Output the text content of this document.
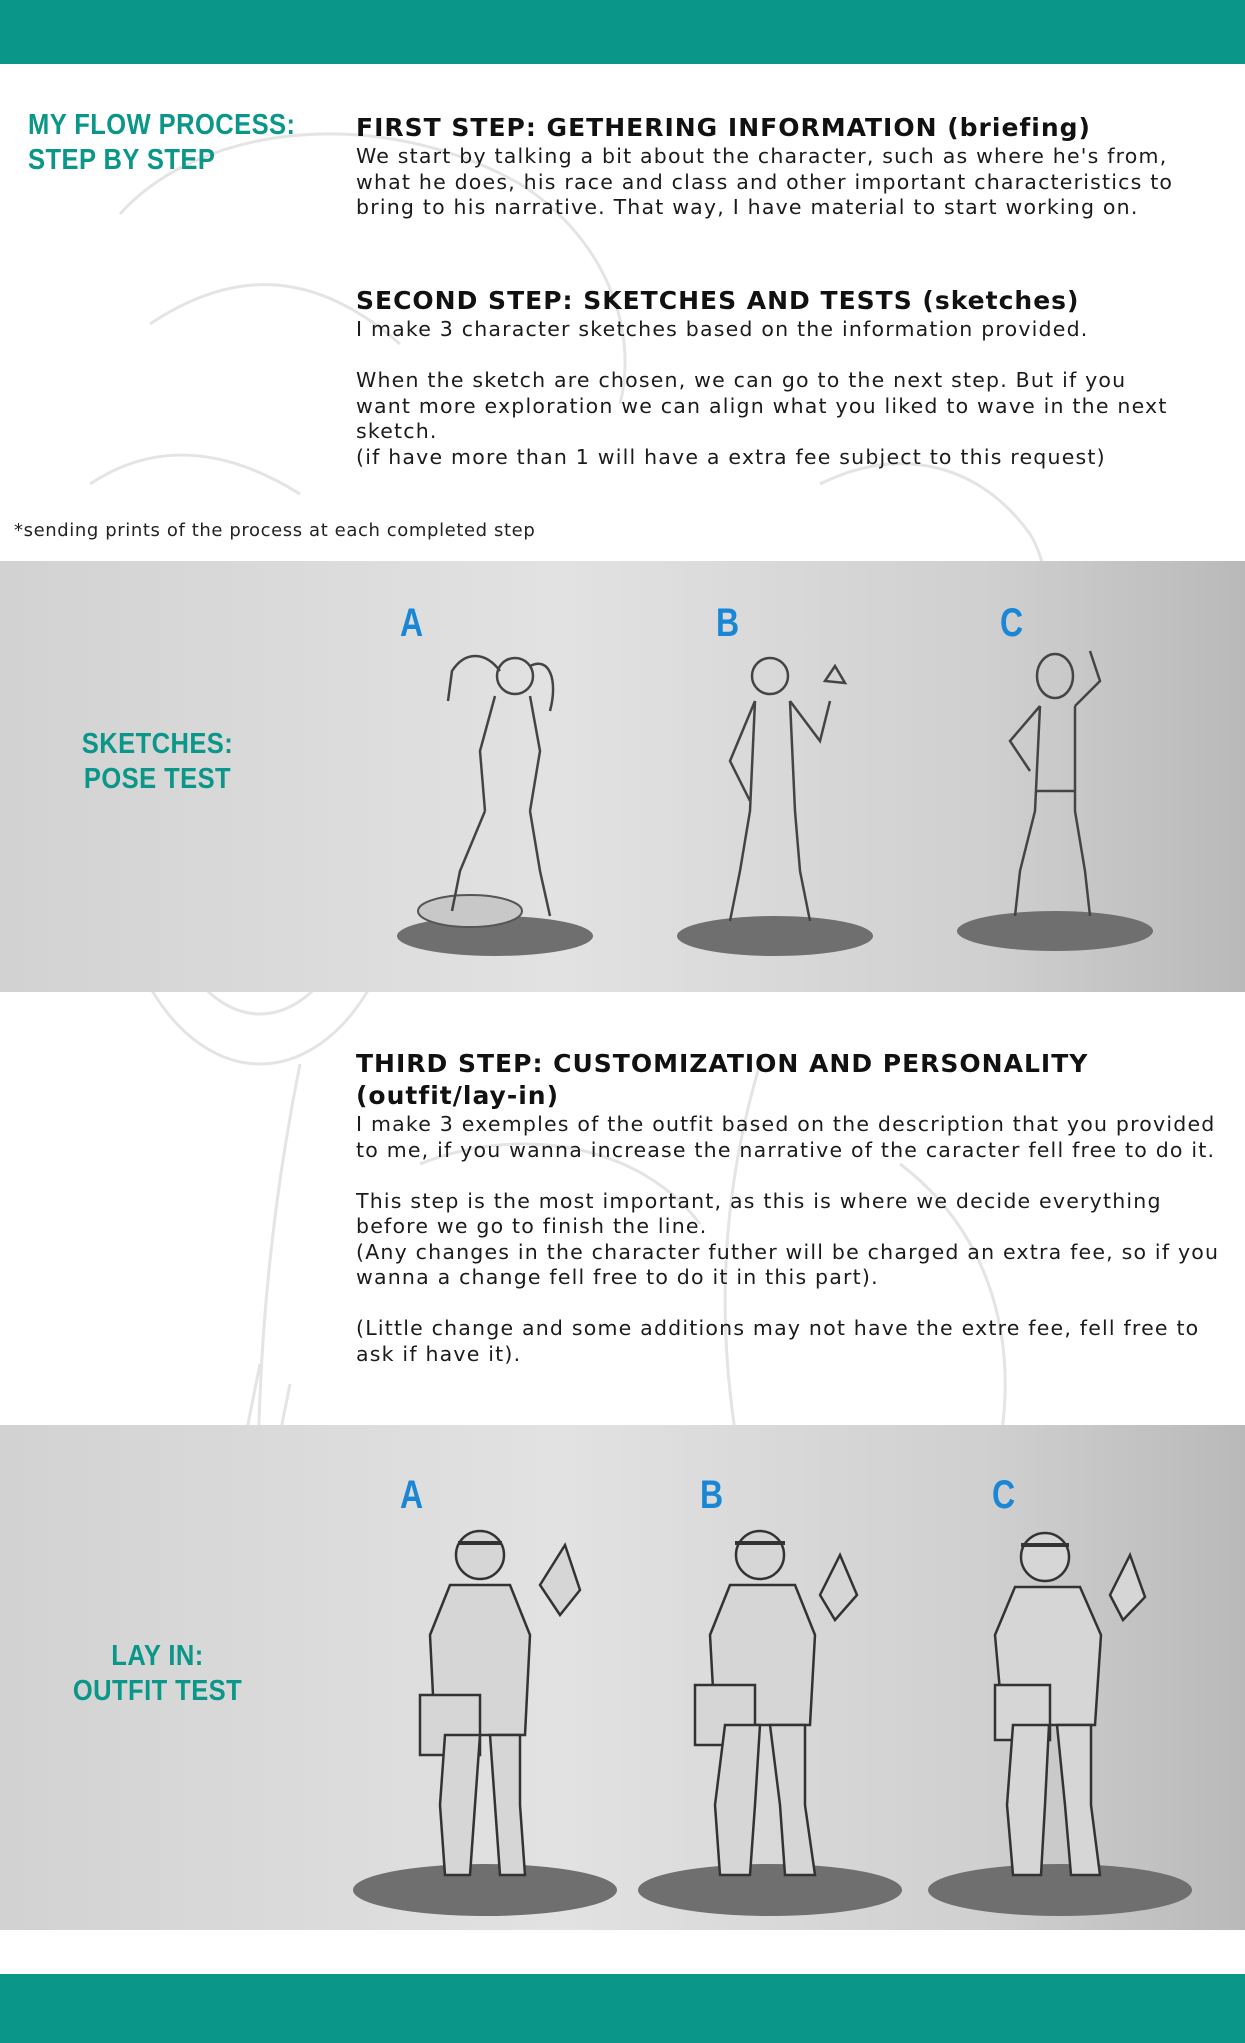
MY FLOW PROCESS:
STEP BY STEP
FIRST STEP: GETHERING INFORMATION (briefing)
We start by talking a bit about the character, such as where he's from,
what he does, his race and class and other important characteristics to
bring to his narrative. That way, I have material to start working on.
SECOND STEP: SKETCHES AND TESTS (sketches)
I make 3 character sketches based on the information provided.

When the sketch are chosen, we can go to the next step. But if you
want more exploration we can align what you liked to wave in the next
sketch.
(if have more than 1 will have a extra fee subject to this request)
*sending prints of the process at each completed step
SKETCHES:
POSE TEST
A	B	C
THIRD STEP: CUSTOMIZATION AND PERSONALITY
(outfit/lay-in)
I make 3 exemples of the outfit based on the description that you provided
to me, if you wanna increase the narrative of the caracter fell free to do it.

This step is the most important, as this is where we decide everything
before we go to finish the line.
(Any changes in the character futher will be charged an extra fee, so if you
wanna a change fell free to do it in this part).

(Little change and some additions may not have the extre fee, fell free to
ask if have it).
LAY IN:
OUTFIT TEST
A	B	C
